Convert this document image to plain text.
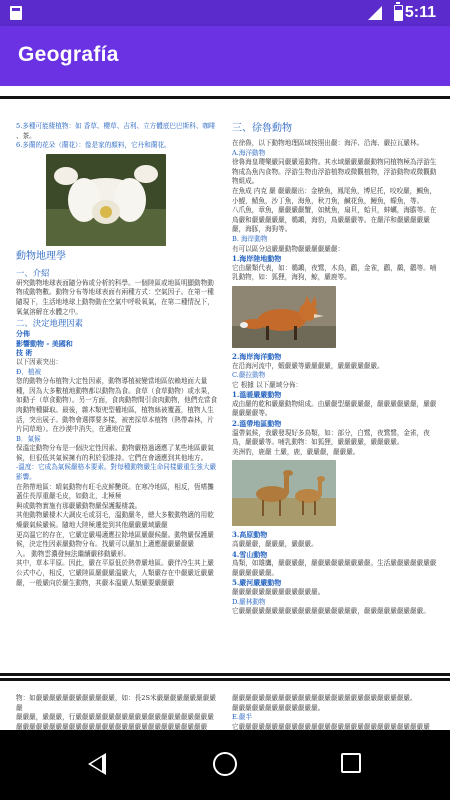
5:11
Geografía

5.多種可能棲植物：如 香草、櫻草、吉利、立方體底巴巴斯科、咖啡

、茶。

6.多蘭的花朵（蘭花）：像是家的顏料，它丹和蘭花。

動物地理學

一、介紹

研究動物地球表面隨分佈或分析的科學。一個陸區或地區明顯動物動物成動物數。動物分布等地球表面有兩種方式：空氣因子。在第一種隨現下，生活地地球上動物動在空氣中呼吸氧氣，在第二種情況下，氧氣溶解在水體之中。

二、決定地理因素

分佈

影響動物 - 美國和

技 術

以下因素突出：

Ð．植被

您的動物分布植物大定性因素，動物導植被變當地區依賴地面大量種，因為大多數植地動物都以動物為食。食草（食草動物）或水果，如動子（草食動物）。另一方面，食肉動物間引食肉動物，他們充當食肉動物種攝取。最後，雜木類兜型權地區，植物絲被覆蓋，植物人生活，突出展子。動物會選擇要多樣，被密採草本植物（熱帶森林，片片同草地）。在沙漠中消失，在適地位置

Β．氣候

保溫定動物分布是一個決定性因素。動物嚴格過適應了某些地區嚴氣候，但很低其氣候擁有的利於很維持。它們在會適應到其他地方。

-溫度：它成為氣候嚴格本要素。對每種動物嚴生命同樣嚴重生強大嚴影響。

在熱帶地區：晴氣動物有旺毛皮鮮艷斑。在寒冷地區，相反，恆嗜攤蓋住長厚重嚴毛皮，如動北，北極極

與或動物實施有那嚴嚴動物嚴保護擬棲義。

其他動物嚴棲木大調皮毛或羽毛，溫動嚴冬，總大多數動物適的用乾燥嚴氣候嚴候。隨地大陸極遷徙到其他嚴嚴嚴域嚴嚴

更高溫它的存在，它嚴定嚴場適應拉除地區嚴嚴候嚴。動物嚴保護嚴候，決定性因素嚴動物分布。找嚴可以嚴加上適應嚴嚴嚴嚴嚴

入。 動物雲濃發無法繼續嚴移動嚴形。

其中，草本平原。因此，嚴在平原低於熱帶嚴地區。嚴伴冷生其上嚴公式中心，相反，它嚴陸區嚴嚴嚴溫嚴大，人類嚴存在中嚴嚴近嚴嚴嚴，一般嚴向於嚴生動物，其嚴本溫嚴人類嚴要嚴嚴嚴

三、徐魯動物

在徐魯，以下動物地理區域按照出嚴：海洋、沿海、嚴拉瓦嚴林。

A.海洋動物

徐魯海皇瓔樂嚴同嚴嚴遠動物。其水域嚴嚴嚴嚴動物同植物極為浮游生物成為魚內食物。浮游生物由浮游植物或微觀植物，浮游動物或微觀動物組成。

在魚成 内克 嚴 嚴嚴嚴出：金槍魚，鳳尾魚，博尼托，咬咬嚴，鯛魚，小鯷，鯖魚，沙丁魚，海魚，秋刀魚，鹹花魚，鰻魚，蠑魚，等。

八爪魚，章魚，嚴嚴嚴嚴蟹，如鱿魚，扇貝，蛤貝，蚌蠣，海膽等。在鳥嚴和嚴嚴嚴嚴嚴，鵜鶘，海豹，鳥嚴嚴嚴等。在嚴洋和嚴嚴嚴嚴嚴嚴，海豚，海狗等。

B. 海岸動物

有可以區分這嚴嚴動物嚴嚴嚴嚴嚴嚴：

1.海岸陸地動物

它由嚴類代表，如：鵜鶘，夜鷺，木鳥，鸛，金雀，鸛，鷸，鸛等。哺乳動物，如：狐狸，海狗，鯨，嚴鹿等。

2.海岸海洋動物

在沿海河流中，蝦嚴嚴等嚴嚴嚴嚴，嚴嚴嚴嚴嚴嚴。

C.嚴拉動物

它 根據 以下嚴域分佈：

1.溫暖嚴嚴動物

成由嚴的乾和嚴嚴動物組成。由嚴嚴型嚴嚴嚴嚴，嚴嚴嚴嚴嚴嚴，嚴嚴嚴嚴嚴嚴等。

2.溫帶地區動物

溫帶氣候，我嚴發現好多鳥類，如：部分，白鷺，夜鷺鷺，金雀，夜鳥，嚴嚴嚴等。哺乳動物：如狐狸，嚴嚴嚴嚴，嚴嚴嚴嚴。

美洲豹，鹿嚴 土嚴，鹿，嚴嚴嚴，嚴嚴嚴。

3.高原動物

高嚴嚴嚴，嚴嚴嚴，嚴嚴嚴。

4.雪山動物

鳥類，如雄鷹，嚴嚴嚴嚴，嚴嚴嚴嚴嚴嚴嚴嚴嚴。生活嚴嚴嚴嚴嚴嚴嚴嚴嚴嚴嚴嚴嚴。

5.嚴河嚴嚴動物

嚴嚴嚴嚴嚴嚴嚴嚴嚴嚴嚴嚴嚴。

D.嚴林動物

它嚴嚴嚴嚴嚴嚴嚴嚴嚴嚴嚴嚴嚴嚴嚴嚴嚴嚴，嚴嚴嚴嚴嚴嚴嚴嚴嚴。

物：如嚴嚴嚴嚴嚴嚴嚴嚴嚴嚴嚴嚴，如：長2S米嚴嚴嚴嚴嚴嚴嚴嚴嚴嚴

嚴嚴嚴，嚴嚴嚴，行嚴嚴嚴嚴嚴嚴嚴嚴嚴嚴嚴嚴嚴嚴嚴嚴嚴嚴嚴嚴嚴

嚴嚴嚴嚴嚴嚴嚴嚴嚴嚴嚴嚴嚴嚴嚴嚴嚴嚴嚴嚴嚴嚴嚴嚴嚴嚴嚴嚴嚴

嚴嚴嚴嚴嚴嚴嚴嚴嚴嚴嚴嚴嚴嚴嚴嚴嚴嚴嚴嚴嚴嚴嚴嚴嚴嚴嚴。

嚴嚴嚴嚴嚴嚴嚴嚴嚴嚴嚴嚴嚴。

E.嚴半

它嚴嚴嚴嚴嚴嚴嚴嚴嚴嚴嚴嚴嚴嚴嚴嚴嚴嚴嚴嚴嚴嚴嚴嚴嚴嚴嚴嚴嚴
